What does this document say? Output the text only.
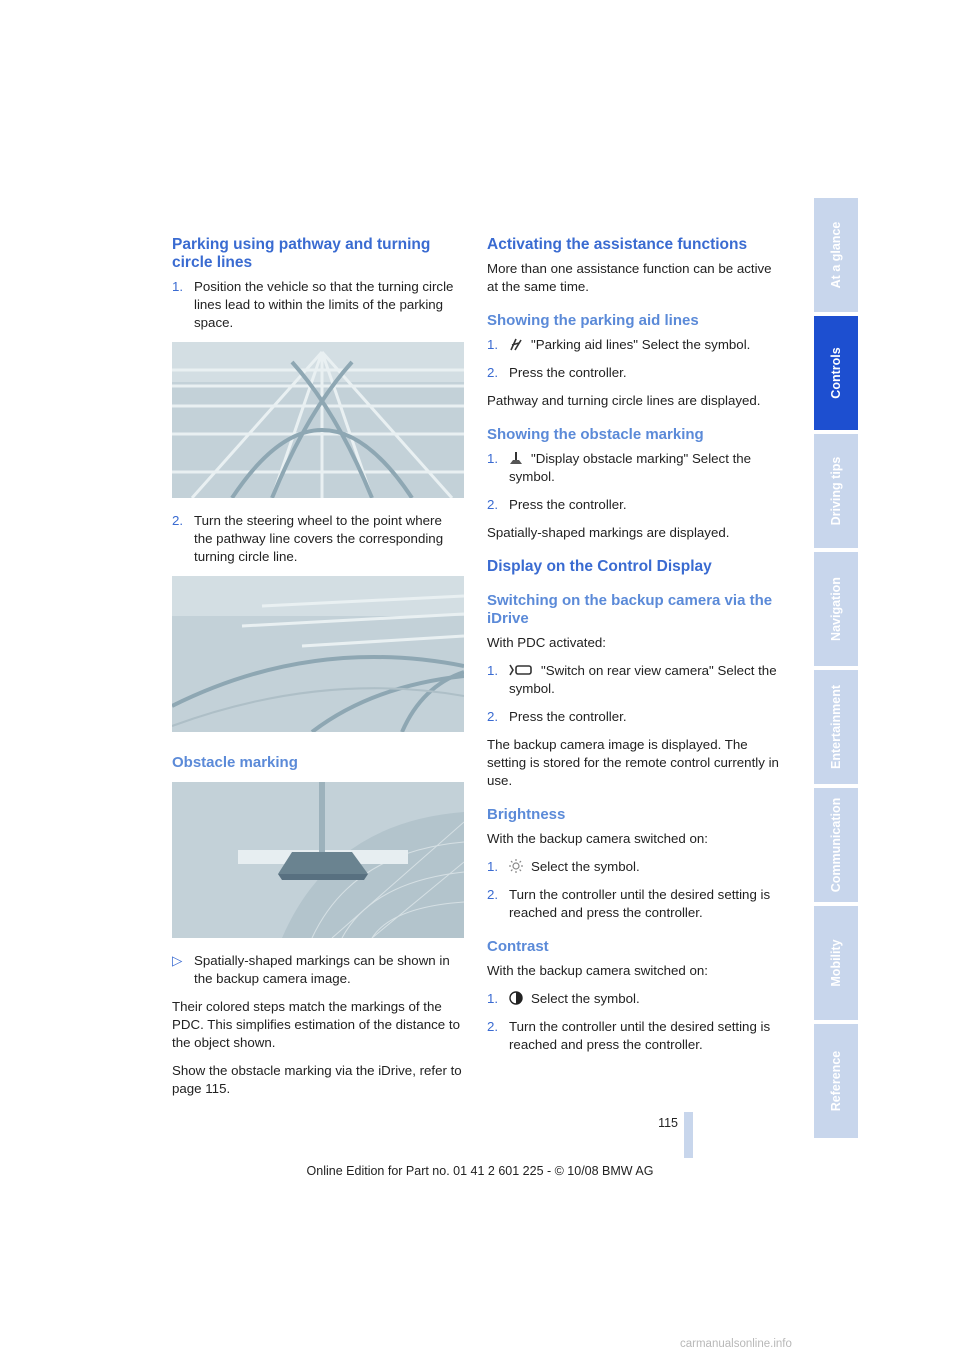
Parking using pathway and turning circle lines
1. Position the vehicle so that the turning circle lines lead to within the limits of the parking space.
2. Turn the steering wheel to the point where the pathway line covers the corresponding turning circle line.
Obstacle marking
▷ Spatially-shaped markings can be shown in the backup camera image.
Their colored steps match the markings of the PDC. This simplifies estimation of the distance to the object shown.
Show the obstacle marking via the iDrive, refer to page 115.
Activating the assistance functions
More than one assistance function can be active at the same time.
Showing the parking aid lines
1.	"Parking aid lines" Select the symbol.
2. Press the controller.
Pathway and turning circle lines are displayed.
Showing the obstacle marking
1.	"Display obstacle marking" Select the symbol.
2. Press the controller.
Spatially-shaped markings are displayed.
Display on the Control Display
Switching on the backup camera via the iDrive
With PDC activated:
1.	"Switch on rear view camera" Select the symbol.
2. Press the controller.
The backup camera image is displayed. The setting is stored for the remote control currently in use.
Brightness
With the backup camera switched on:
1.	Select the symbol.
2. Turn the controller until the desired setting is reached and press the controller.
Contrast
With the backup camera switched on:
1.	Select the symbol.
2. Turn the controller until the desired setting is reached and press the controller.
At a glance
Controls
Driving tips
Navigation
Entertainment
Communication
Mobility
Reference
115
Online Edition for Part no. 01 41 2 601 225 - © 10/08 BMW AG
carmanualsonline.info
